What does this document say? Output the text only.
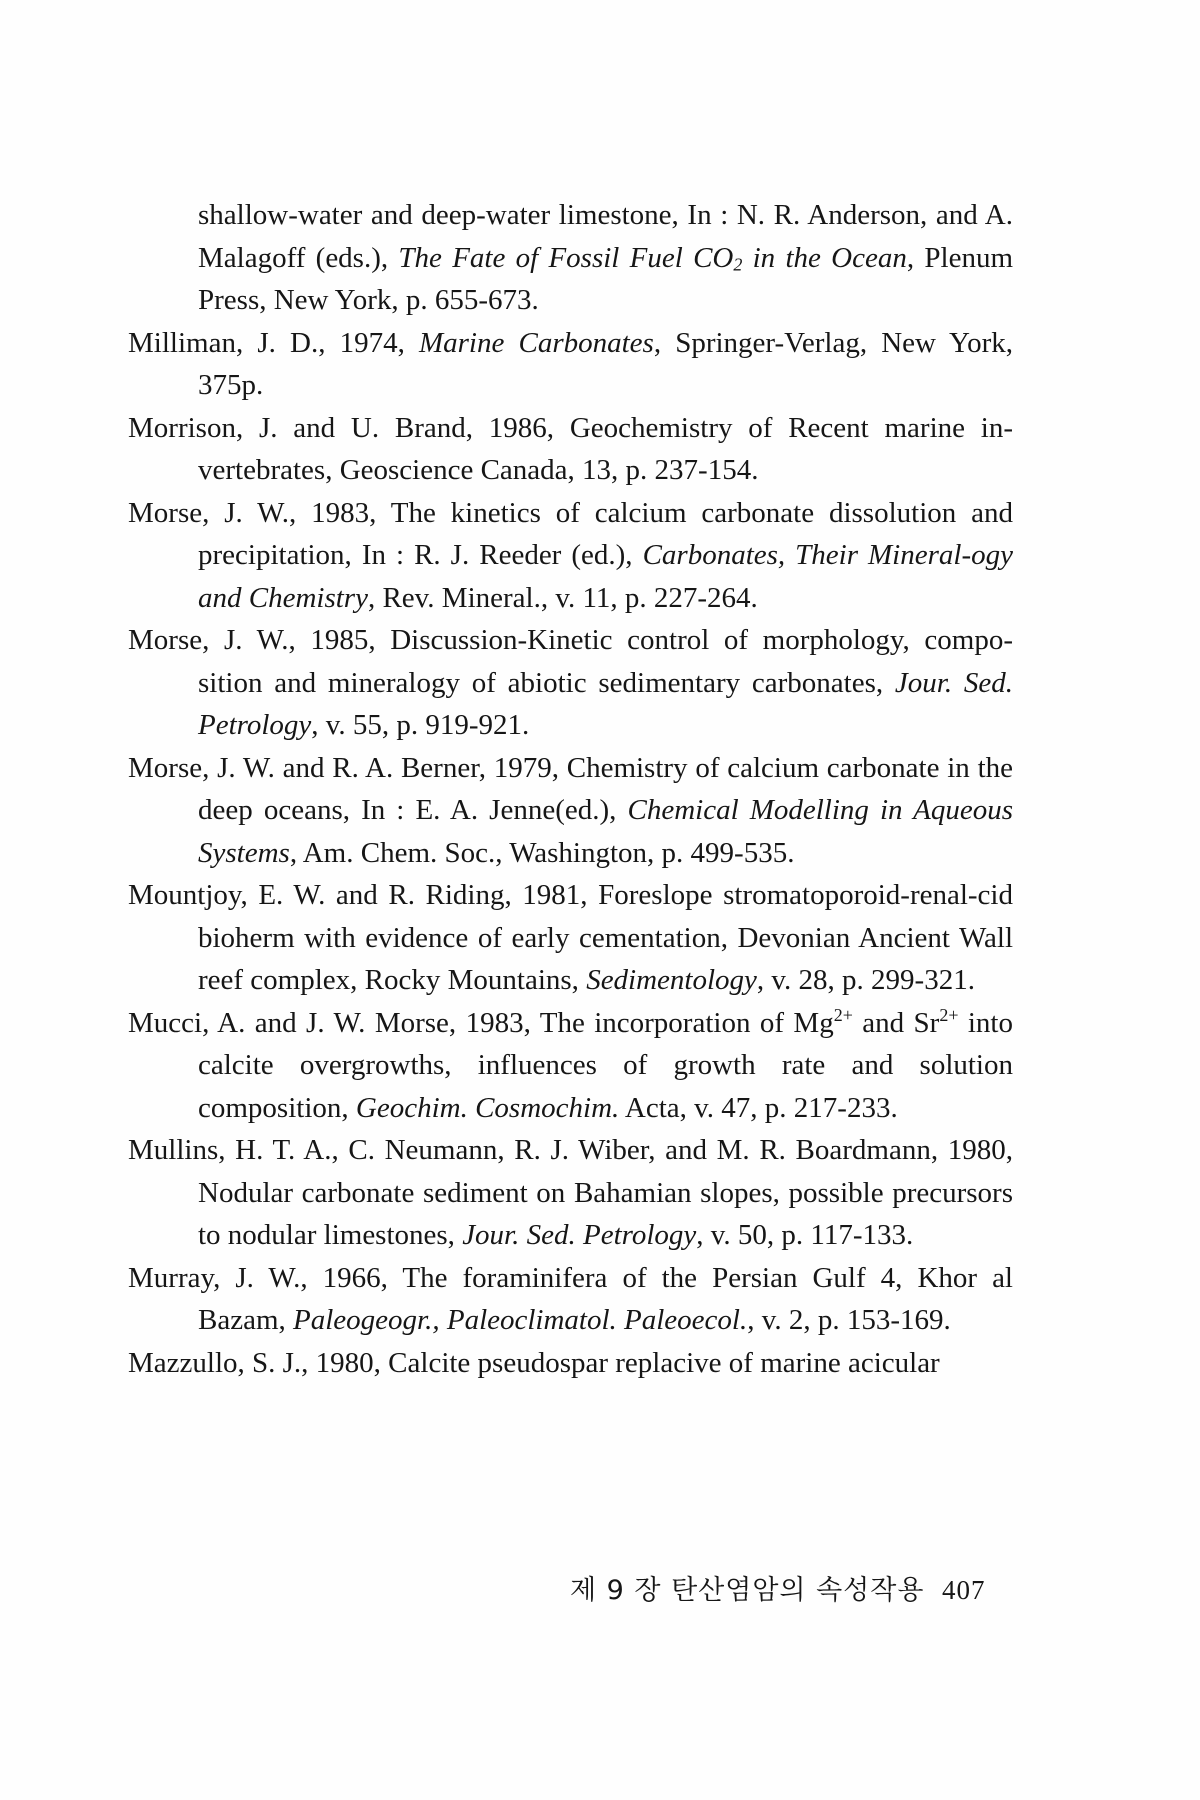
shallow-water and deep-water limestone, In : N. R. Anderson, and A. Malagoff (eds.), The Fate of Fossil Fuel $CO_2$ in the Ocean, Plenum Press, New York, p. 655-673.

Milliman, J. D., 1974, Marine Carbonates, Springer-Verlag, New York, 375p.

Morrison, J. and U. Brand, 1986, Geochemistry of Recent marine in-vertebrates, Geoscience Canada, 13, p. 237-154.

Morse, J. W., 1983, The kinetics of calcium carbonate dissolution and precipitation, In : R. J. Reeder (ed.), Carbonates, Their Mineral-ogy and Chemistry, Rev. Mineral., v. 11, p. 227-264.

Morse, J. W., 1985, Discussion-Kinetic control of morphology, compo-sition and mineralogy of abiotic sedimentary carbonates, Jour. Sed. Petrology, v. 55, p. 919-921.

Morse, J. W. and R. A. Berner, 1979, Chemistry of calcium carbonate in the deep oceans, In : E. A. Jenne(ed.), Chemical Modelling in Aqueous Systems, Am. Chem. Soc., Washington, p. 499-535.

Mountjoy, E. W. and R. Riding, 1981, Foreslope stromatoporoid-renal-cid bioherm with evidence of early cementation, Devonian Ancient Wall reef complex, Rocky Mountains, Sedimentology, v. 28, p. 299-321.

Mucci, A. and J. W. Morse, 1983, The incorporation of $Mg^{2+}$ and $Sr^{2+}$ into calcite overgrowths, influences of growth rate and solution composition, Geochim. Cosmochim. Acta, v. 47, p. 217-233.

Mullins, H. T. A., C. Neumann, R. J. Wiber, and M. R. Boardmann, 1980, Nodular carbonate sediment on Bahamian slopes, possible precursors to nodular limestones, Jour. Sed. Petrology, v. 50, p. 117-133.

Murray, J. W., 1966, The foraminifera of the Persian Gulf 4, Khor al Bazam, Paleogeogr., Paleoclimatol. Paleoecol., v. 2, p. 153-169.

Mazzullo, S. J., 1980, Calcite pseudospar replacive of marine acicular

제 9 장 탄산염암의 속성작용 407
